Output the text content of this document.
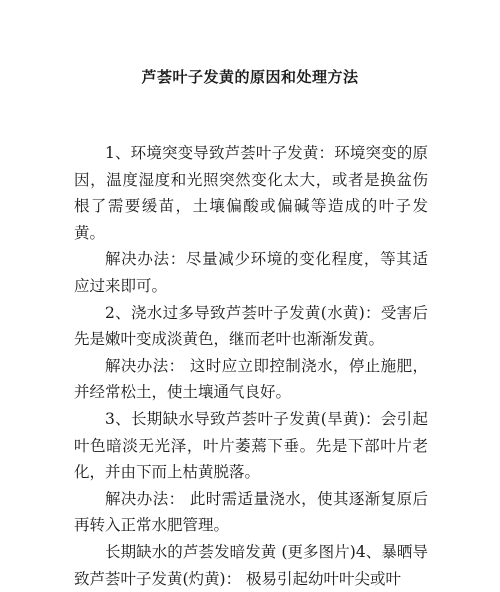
芦荟叶子发黄的原因和处理方法

1、环境突变导致芦荟叶子发黄：环境突变的原因，温度湿度和光照突然变化太大，或者是换盆伤根了需要缓苗，土壤偏酸或偏碱等造成的叶子发黄。

解决办法：尽量减少环境的变化程度，等其适应过来即可。

2、浇水过多导致芦荟叶子发黄(水黄)：受害后先是嫩叶变成淡黄色，继而老叶也渐渐发黄。

解决办法： 这时应立即控制浇水，停止施肥，并经常松土，使土壤通气良好。

3、长期缺水导致芦荟叶子发黄(旱黄)：会引起叶色暗淡无光泽，叶片萎蔫下垂。先是下部叶片老化，并由下而上枯黄脱落。

解决办法： 此时需适量浇水，使其逐渐复原后再转入正常水肥管理。

长期缺水的芦荟发暗发黄 (更多图片)4、暴晒导致芦荟叶子发黄(灼黄)： 极易引起幼叶叶尖或叶
